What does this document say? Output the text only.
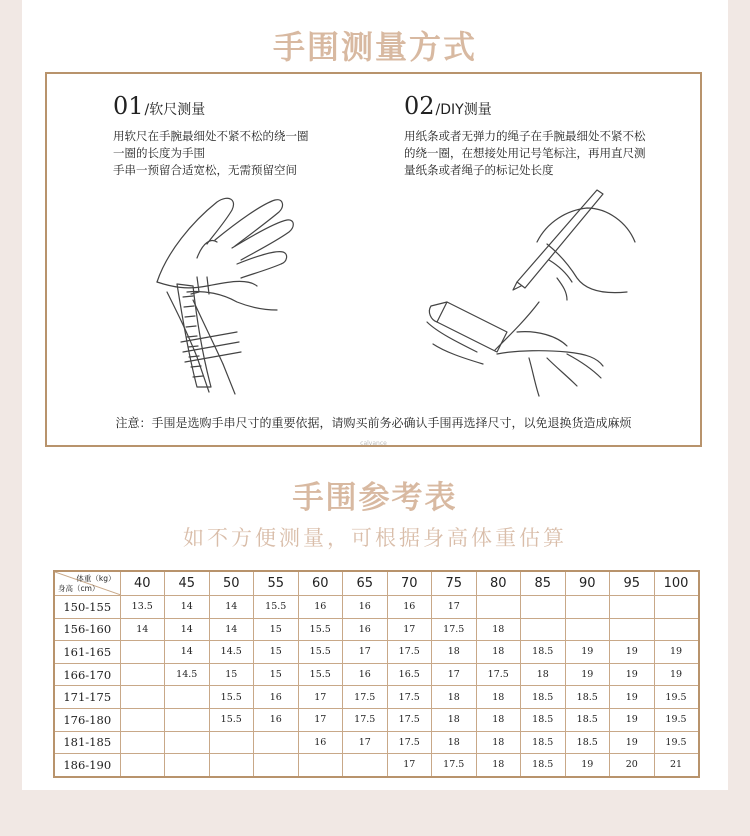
手围测量方式
01 /软尺测量
用软尺在手腕最细处不紧不松的绕一圈
一圈的长度为手围
手串一预留合适宽松，无需预留空间
02 /DIY测量
用纸条或者无弹力的绳子在手腕最细处不紧不松
的绕一圈，在想接处用记号笔标注，再用直尺测
量纸条或者绳子的标记处长度
注意：手围是选购手串尺寸的重要依据，请购买前务必确认手围再选择尺寸，以免退换货造成麻烦
calvance
手围参考表
如不方便测量，可根据身高体重估算
体重（kg）
身高（cm）	40	45	50	55	60	65	70	75	80	85	90	95	100
150-155	13.5	14	14	15.5	16	16	16	17					
156-160	14	14	14	15	15.5	16	17	17.5	18				
161-165		14	14.5	15	15.5	17	17.5	18	18	18.5	19	19	19
166-170		14.5	15	15	15.5	16	16.5	17	17.5	18	19	19	19
171-175			15.5	16	17	17.5	17.5	18	18	18.5	18.5	19	19.5
176-180			15.5	16	17	17.5	17.5	18	18	18.5	18.5	19	19.5
181-185					16	17	17.5	18	18	18.5	18.5	19	19.5
186-190							17	17.5	18	18.5	19	20	21
